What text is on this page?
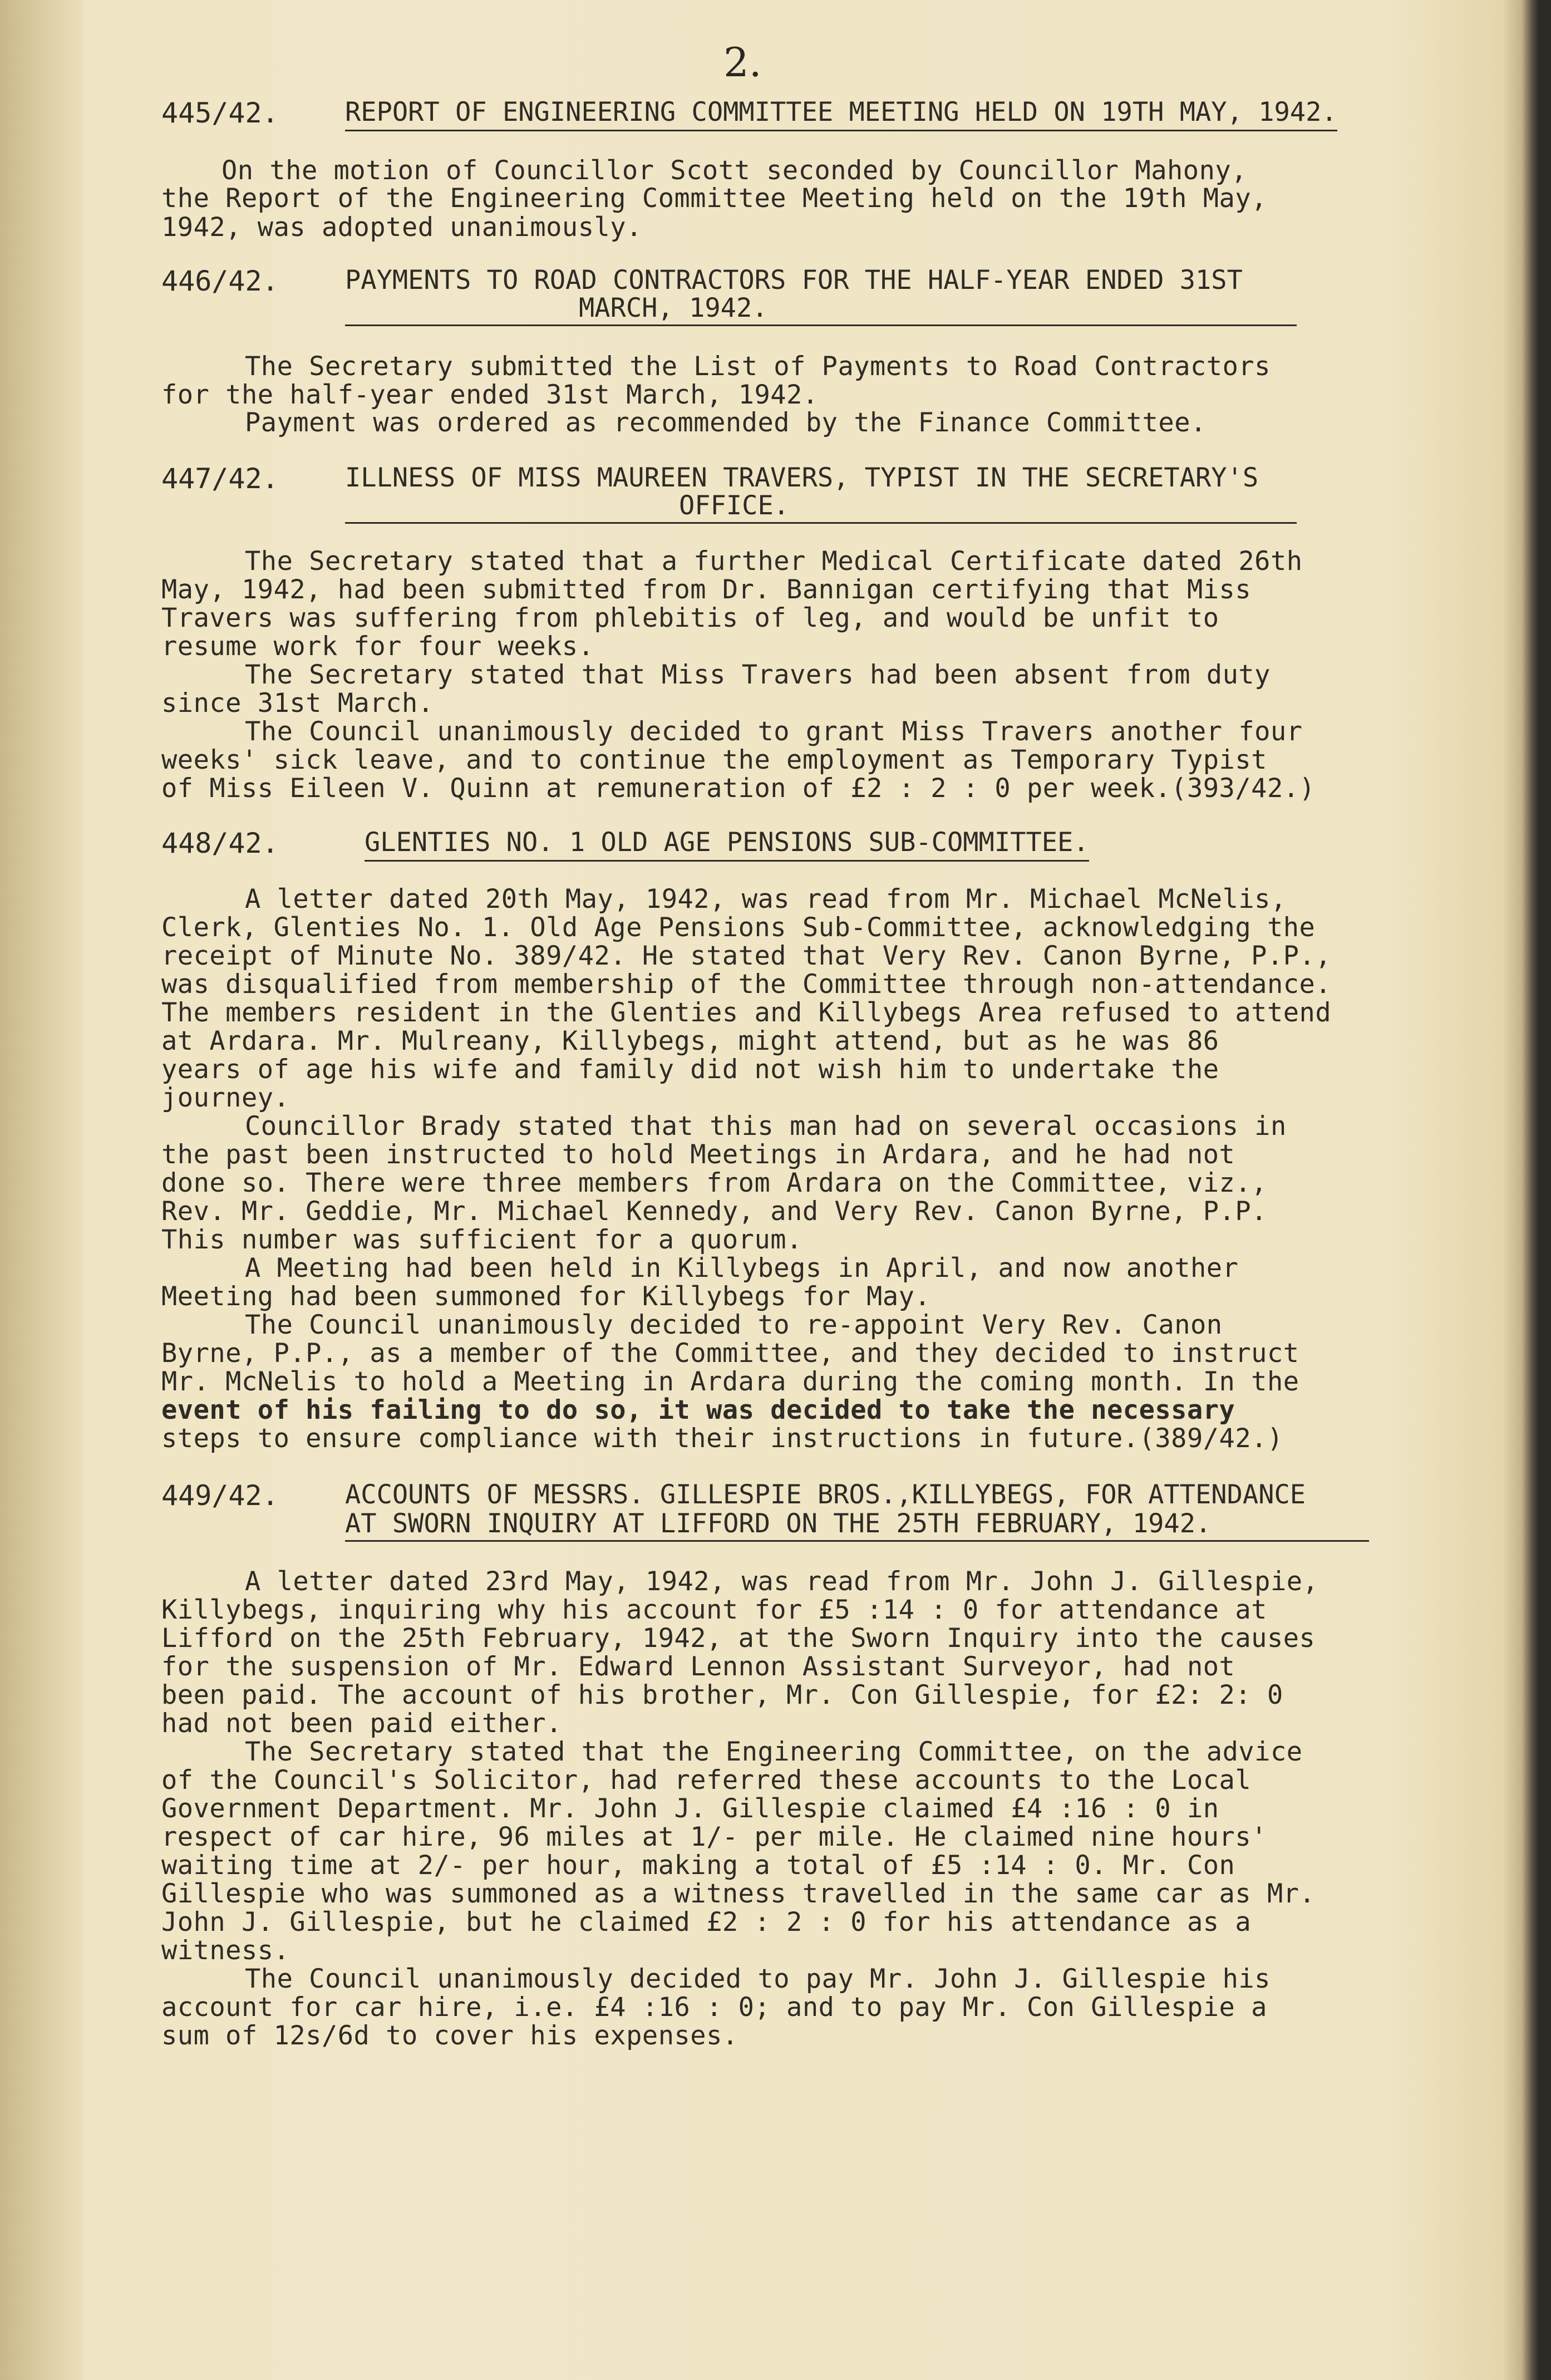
2.
445/42.	REPORT OF ENGINEERING COMMITTEE MEETING HELD ON 19TH MAY, 1942.
On the motion of Councillor Scott seconded by Councillor Mahony,
the Report of the Engineering Committee Meeting held on the 19th May,
1942, was adopted unanimously.
446/42.	PAYMENTS TO ROAD CONTRACTORS FOR THE HALF-YEAR ENDED 31ST
MARCH, 1942.
The Secretary submitted the List of Payments to Road Contractors
for the half-year ended 31st March, 1942.
Payment was ordered as recommended by the Finance Committee.
447/42.	ILLNESS OF MISS MAUREEN TRAVERS, TYPIST IN THE SECRETARY'S
OFFICE.
The Secretary stated that a further Medical Certificate dated 26th
May, 1942, had been submitted from Dr. Bannigan certifying that Miss
Travers was suffering from phlebitis of leg, and would be unfit to
resume work for four weeks.
The Secretary stated that Miss Travers had been absent from duty
since 31st March.
The Council unanimously decided to grant Miss Travers another four
weeks' sick leave, and to continue the employment as Temporary Typist
of Miss Eileen V. Quinn at remuneration of £2 : 2 : 0 per week.(393/42.)
448/42.	GLENTIES NO. 1 OLD AGE PENSIONS SUB-COMMITTEE.
A letter dated 20th May, 1942, was read from Mr. Michael McNelis,
Clerk, Glenties No. 1. Old Age Pensions Sub-Committee, acknowledging the
receipt of Minute No. 389/42. He stated that Very Rev. Canon Byrne, P.P.,
was disqualified from membership of the Committee through non-attendance.
The members resident in the Glenties and Killybegs Area refused to attend
at Ardara. Mr. Mulreany, Killybegs, might attend, but as he was 86
years of age his wife and family did not wish him to undertake the
journey.
Councillor Brady stated that this man had on several occasions in
the past been instructed to hold Meetings in Ardara, and he had not
done so. There were three members from Ardara on the Committee, viz.,
Rev. Mr. Geddie, Mr. Michael Kennedy, and Very Rev. Canon Byrne, P.P.
This number was sufficient for a quorum.
A Meeting had been held in Killybegs in April, and now another
Meeting had been summoned for Killybegs for May.
The Council unanimously decided to re-appoint Very Rev. Canon
Byrne, P.P., as a member of the Committee, and they decided to instruct
Mr. McNelis to hold a Meeting in Ardara during the coming month. In the
event of his failing to do so, it was decided to take the necessary
steps to ensure compliance with their instructions in future.(389/42.)
449/42.	ACCOUNTS OF MESSRS. GILLESPIE BROS.,KILLYBEGS, FOR ATTENDANCE
AT SWORN INQUIRY AT LIFFORD ON THE 25TH FEBRUARY, 1942.
A letter dated 23rd May, 1942, was read from Mr. John J. Gillespie,
Killybegs, inquiring why his account for £5 :14 : 0 for attendance at
Lifford on the 25th February, 1942, at the Sworn Inquiry into the causes
for the suspension of Mr. Edward Lennon Assistant Surveyor, had not
been paid. The account of his brother, Mr. Con Gillespie, for £2: 2: 0
had not been paid either.
The Secretary stated that the Engineering Committee, on the advice
of the Council's Solicitor, had referred these accounts to the Local
Government Department. Mr. John J. Gillespie claimed £4 :16 : 0 in
respect of car hire, 96 miles at 1/- per mile. He claimed nine hours'
waiting time at 2/- per hour, making a total of £5 :14 : 0. Mr. Con
Gillespie who was summoned as a witness travelled in the same car as Mr.
John J. Gillespie, but he claimed £2 : 2 : 0 for his attendance as a
witness.
The Council unanimously decided to pay Mr. John J. Gillespie his
account for car hire, i.e. £4 :16 : 0; and to pay Mr. Con Gillespie a
sum of 12s/6d to cover his expenses.
